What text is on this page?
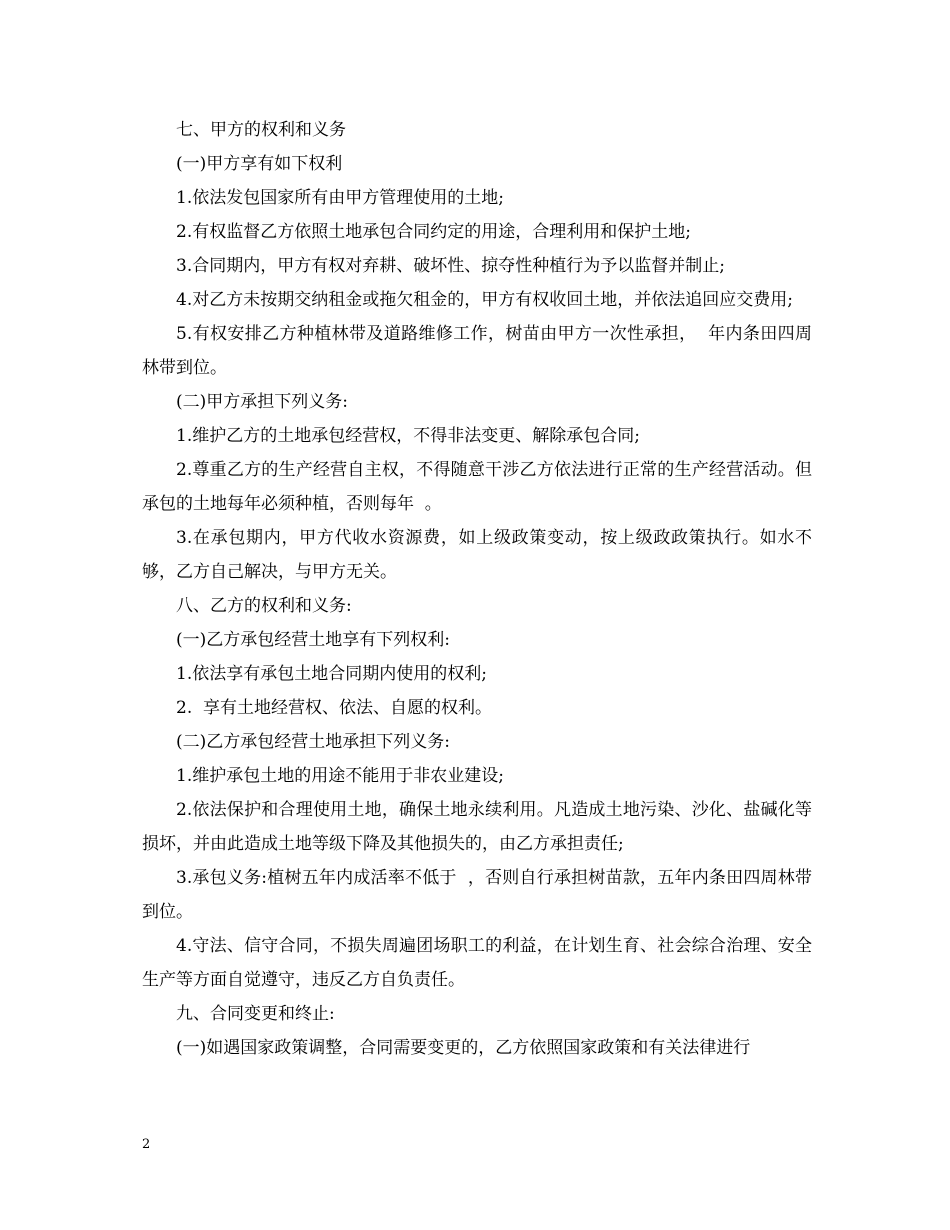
七、甲方的权利和义务

(一)甲方享有如下权利

1.依法发包国家所有由甲方管理使用的土地;

2.有权监督乙方依照土地承包合同约定的用途，合理利用和保护土地;

3.合同期内，甲方有权对弃耕、破坏性、掠夺性种植行为予以监督并制止;

4.对乙方未按期交纳租金或拖欠租金的，甲方有权收回土地，并依法追回应交费用;

5.有权安排乙方种植林带及道路维修工作，树苗由甲方一次性承担，  年内条田四周林带到位。

(二)甲方承担下列义务:

1.维护乙方的土地承包经营权，不得非法变更、解除承包合同;

2.尊重乙方的生产经营自主权，不得随意干涉乙方依法进行正常的生产经营活动。但承包的土地每年必须种植，否则每年  。

3.在承包期内，甲方代收水资源费，如上级政策变动，按上级政政策执行。如水不够，乙方自己解决，与甲方无关。

八、乙方的权利和义务:

(一)乙方承包经营土地享有下列权利:

1.依法享有承包土地合同期内使用的权利;

2.  享有土地经营权、依法、自愿的权利。

(二)乙方承包经营土地承担下列义务:

1.维护承包土地的用途不能用于非农业建设;

2.依法保护和合理使用土地，确保土地永续利用。凡造成土地污染、沙化、盐碱化等损坏，并由此造成土地等级下降及其他损失的，由乙方承担责任;

3.承包义务:植树五年内成活率不低于  ，否则自行承担树苗款，五年内条田四周林带到位。

4.守法、信守合同，不损失周遍团场职工的利益，在计划生育、社会综合治理、安全生产等方面自觉遵守，违反乙方自负责任。

九、合同变更和终止:

(一)如遇国家政策调整，合同需要变更的，乙方依照国家政策和有关法律进行

2
